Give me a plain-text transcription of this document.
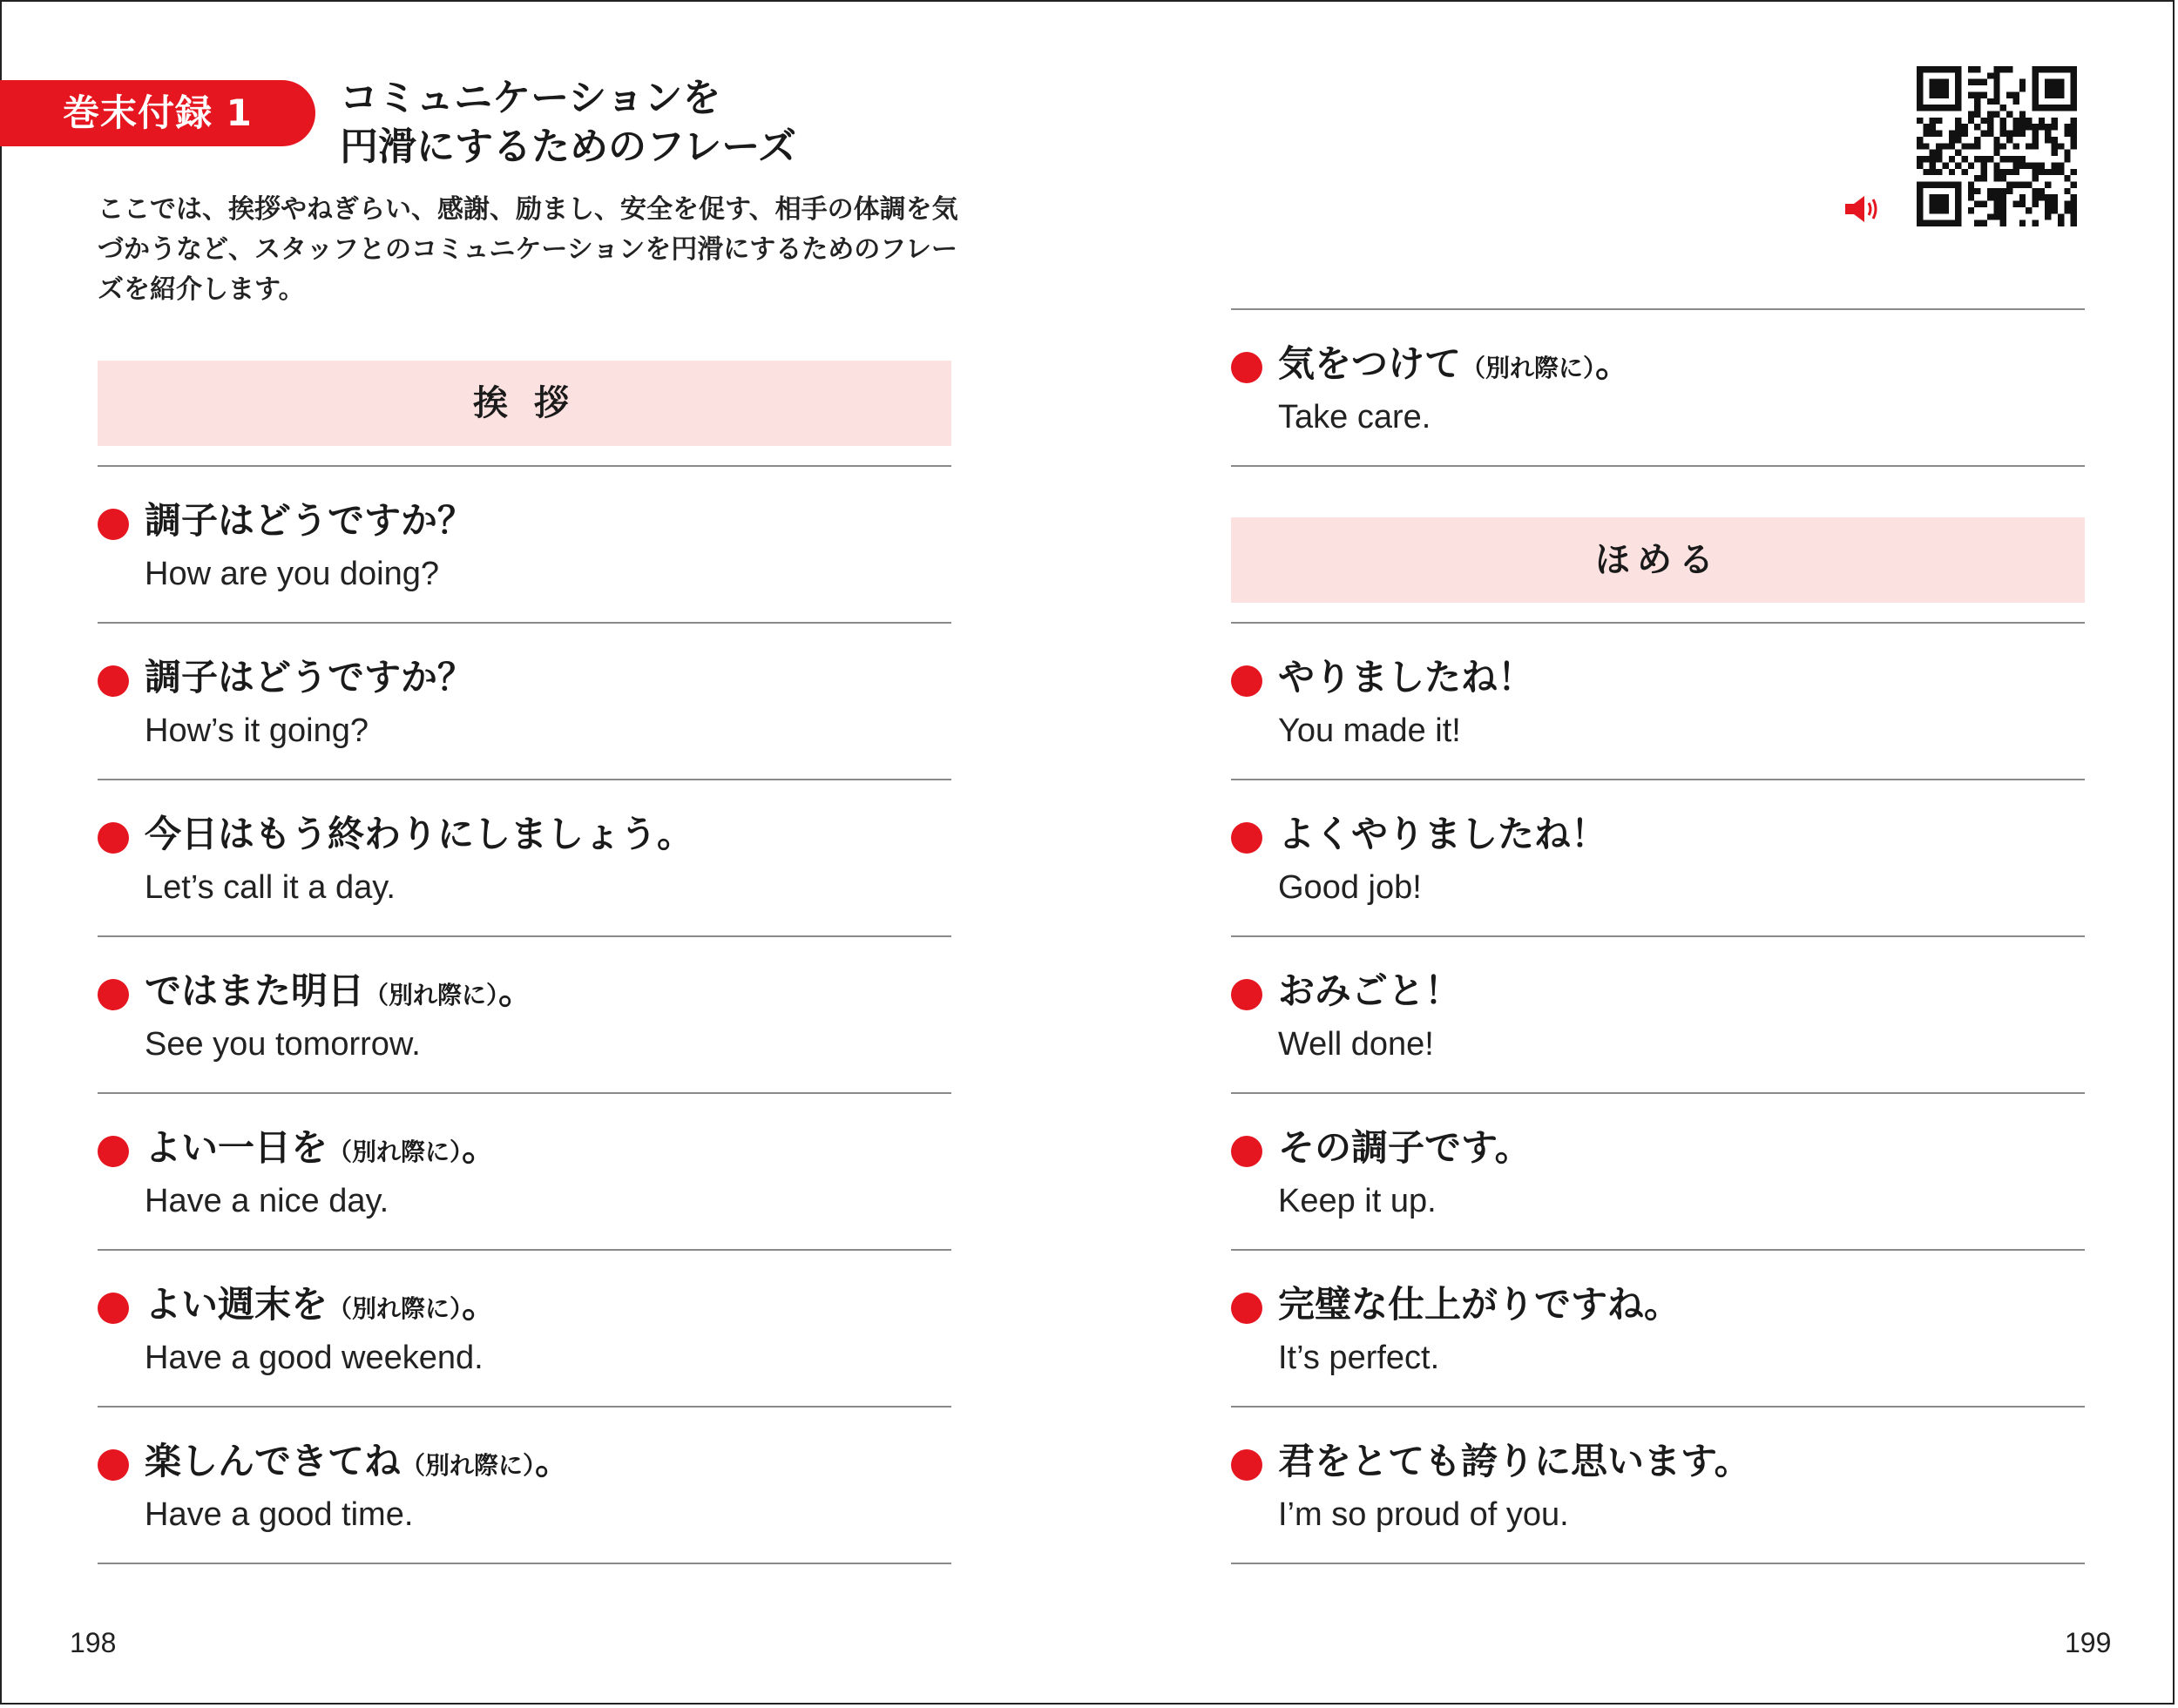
巻末付録 1	コミュニケーションを
円滑にするためのフレーズ
ここでは、挨拶やねぎらい、感謝、励まし、安全を促す、相手の体調を気づかうなど、スタッフとのコミュニケーションを円滑にするためのフレーズを紹介します。
挨 拶
調子はどうですか？
How are you doing?
調子はどうですか？
How’s it going?
今日はもう終わりにしましょう。
Let’s call it a day.
ではまた明日（別れ際に）。
See you tomorrow.
よい一日を（別れ際に）。
Have a nice day.
よい週末を（別れ際に）。
Have a good weekend.
楽しんできてね（別れ際に）。
Have a good time.
気をつけて（別れ際に）。
Take care.
ほめる
やりましたね！
You made it!
よくやりましたね！
Good job!
おみごと！
Well done!
その調子です。
Keep it up.
完璧な仕上がりですね。
It’s perfect.
君をとても誇りに思います。
I’m so proud of you.
198	199
